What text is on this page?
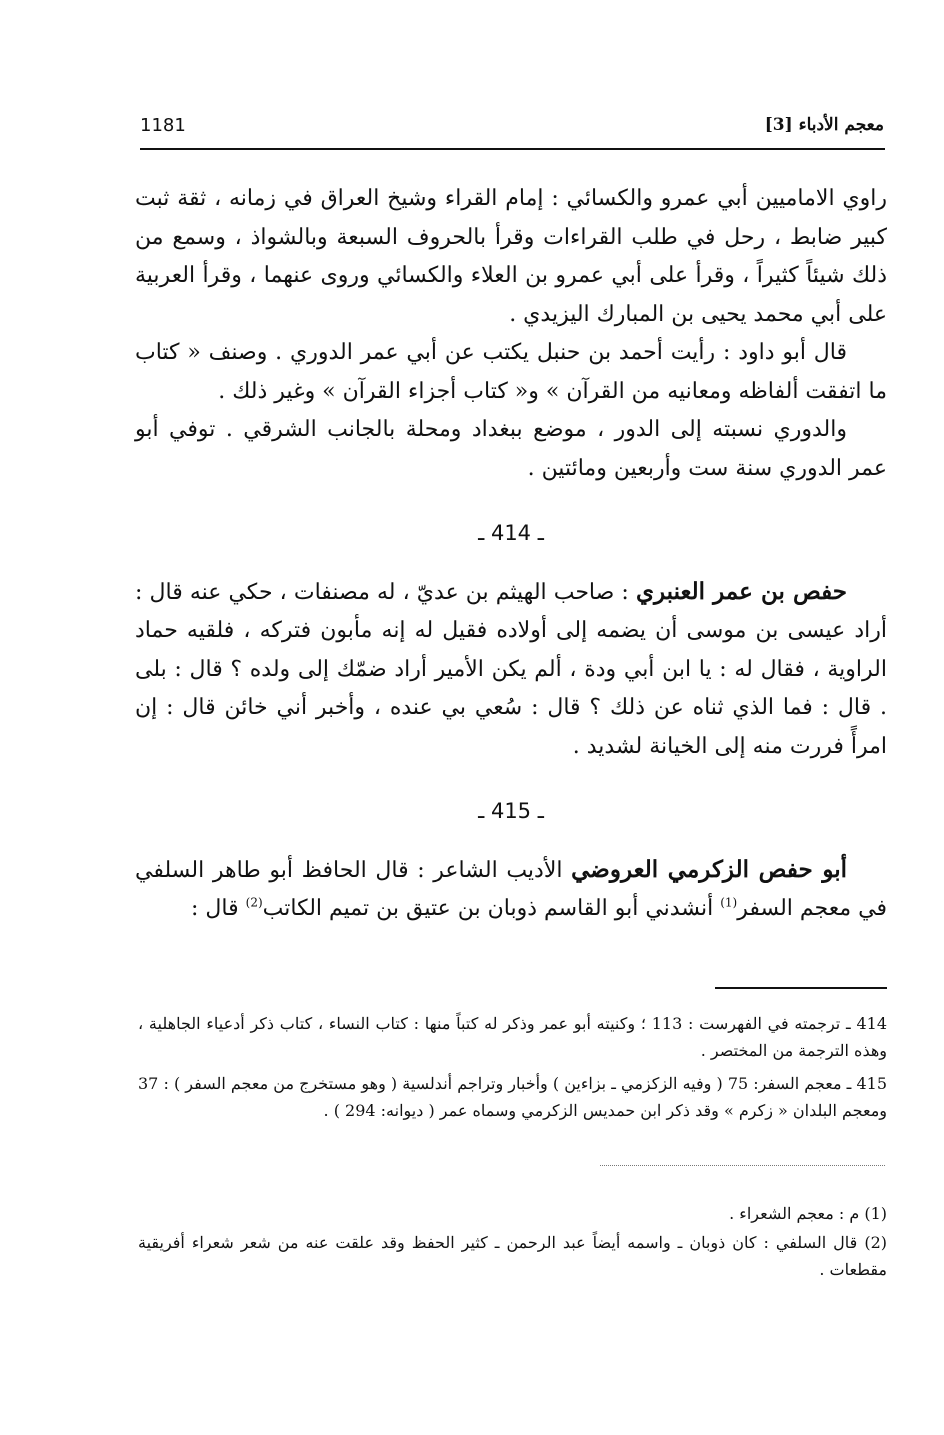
معجم الأدباء [3]
1181

راوي الاماميين أبي عمرو والكسائي : إمام القراء وشيخ العراق في زمانه ، ثقة ثبت كبير ضابط ، رحل في طلب القراءات وقرأ بالحروف السبعة وبالشواذ ، وسمع من ذلك شيئاً كثيراً ، وقرأ على أبي عمرو بن العلاء والكسائي وروى عنهما ، وقرأ العربية على أبي محمد يحيى بن المبارك اليزيدي .

قال أبو داود : رأيت أحمد بن حنبل يكتب عن أبي عمر الدوري . وصنف « كتاب ما اتفقت ألفاظه ومعانيه من القرآن » و« كتاب أجزاء القرآن » وغير ذلك .

والدوري نسبته إلى الدور ، موضع ببغداد ومحلة بالجانب الشرقي . توفي أبو عمر الدوري سنة ست وأربعين ومائتين .

ـ 414 ـ

حفص بن عمر العنبري : صاحب الهيثم بن عديّ ، له مصنفات ، حكي عنه قال : أراد عيسى بن موسى أن يضمه إلى أولاده فقيل له إنه مأبون فتركه ، فلقيه حماد الراوية ، فقال له : يا ابن أبي ودة ، ألم يكن الأمير أراد ضمّك إلى ولده ؟ قال : بلى . قال : فما الذي ثناه عن ذلك ؟ قال : سُعي بي عنده ، وأخبر أني خائن قال : إن امرأً فررت منه إلى الخيانة لشديد .

ـ 415 ـ

أبو حفص الزكرمي العروضي الأديب الشاعر : قال الحافظ أبو طاهر السلفي في معجم السفر$^{(1)}$ أنشدني أبو القاسم ذوبان بن عتيق بن تميم الكاتب$^{(2)}$ قال :

414 ـ ترجمته في الفهرست : 113 ؛ وكنيته أبو عمر وذكر له كتباً منها : كتاب النساء ، كتاب ذكر أدعياء الجاهلية ، وهذه الترجمة من المختصر .

415 ـ معجم السفر: 75 ( وفيه الزكزمي ـ بزاءين ) وأخبار وتراجم أندلسية ( وهو مستخرج من معجم السفر ) : 37 ومعجم البلدان « زكرم » وقد ذكر ابن حمديس الزكرمي وسماه عمر ( ديوانه: 294 ) .

(1) م : معجم الشعراء .

(2) قال السلفي : كان ذوبان ـ واسمه أيضاً عبد الرحمن ـ كثير الحفظ وقد علقت عنه من شعر شعراء أفريقية مقطعات .
